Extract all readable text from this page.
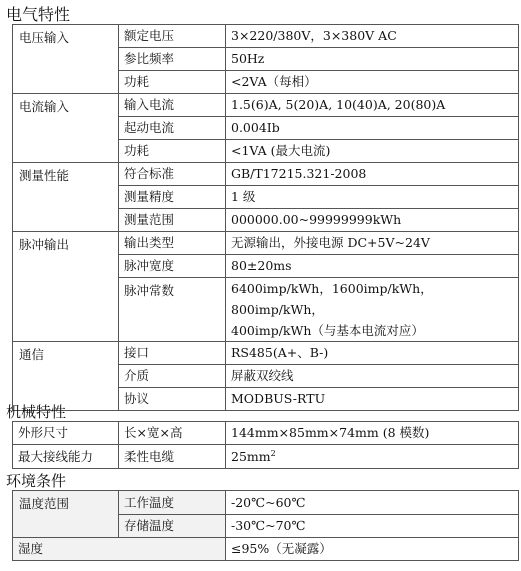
电气特性
电压输入	额定电压	3×220/380V，3×380V AC
	参比频率	50Hz
	功耗	<2VA（每相）
电流输入	输入电流	1.5(6)A, 5(20)A, 10(40)A, 20(80)A
	起动电流	0.004Ib
	功耗	<1VA (最大电流)
测量性能	符合标准	GB/T17215.321-2008
	测量精度	1 级
	测量范围	000000.00~99999999kWh
脉冲输出	输出类型	无源输出，外接电源 DC+5V~24V
	脉冲宽度	80±20ms
	脉冲常数	6400imp/kWh，1600imp/kWh，800imp/kWh，
400imp/kWh（与基本电流对应）
通信	接口	RS485(A+、B-)
	介质	屏蔽双绞线
	协议	MODBUS-RTU
机械特性
外形尺寸	长×宽×高	144mm×85mm×74mm (8 模数)
最大接线能力	柔性电缆	$25mm^2$
环境条件
温度范围	工作温度	-20℃~60℃
	存储温度	-30℃~70℃
湿度		≤95%（无凝露）
